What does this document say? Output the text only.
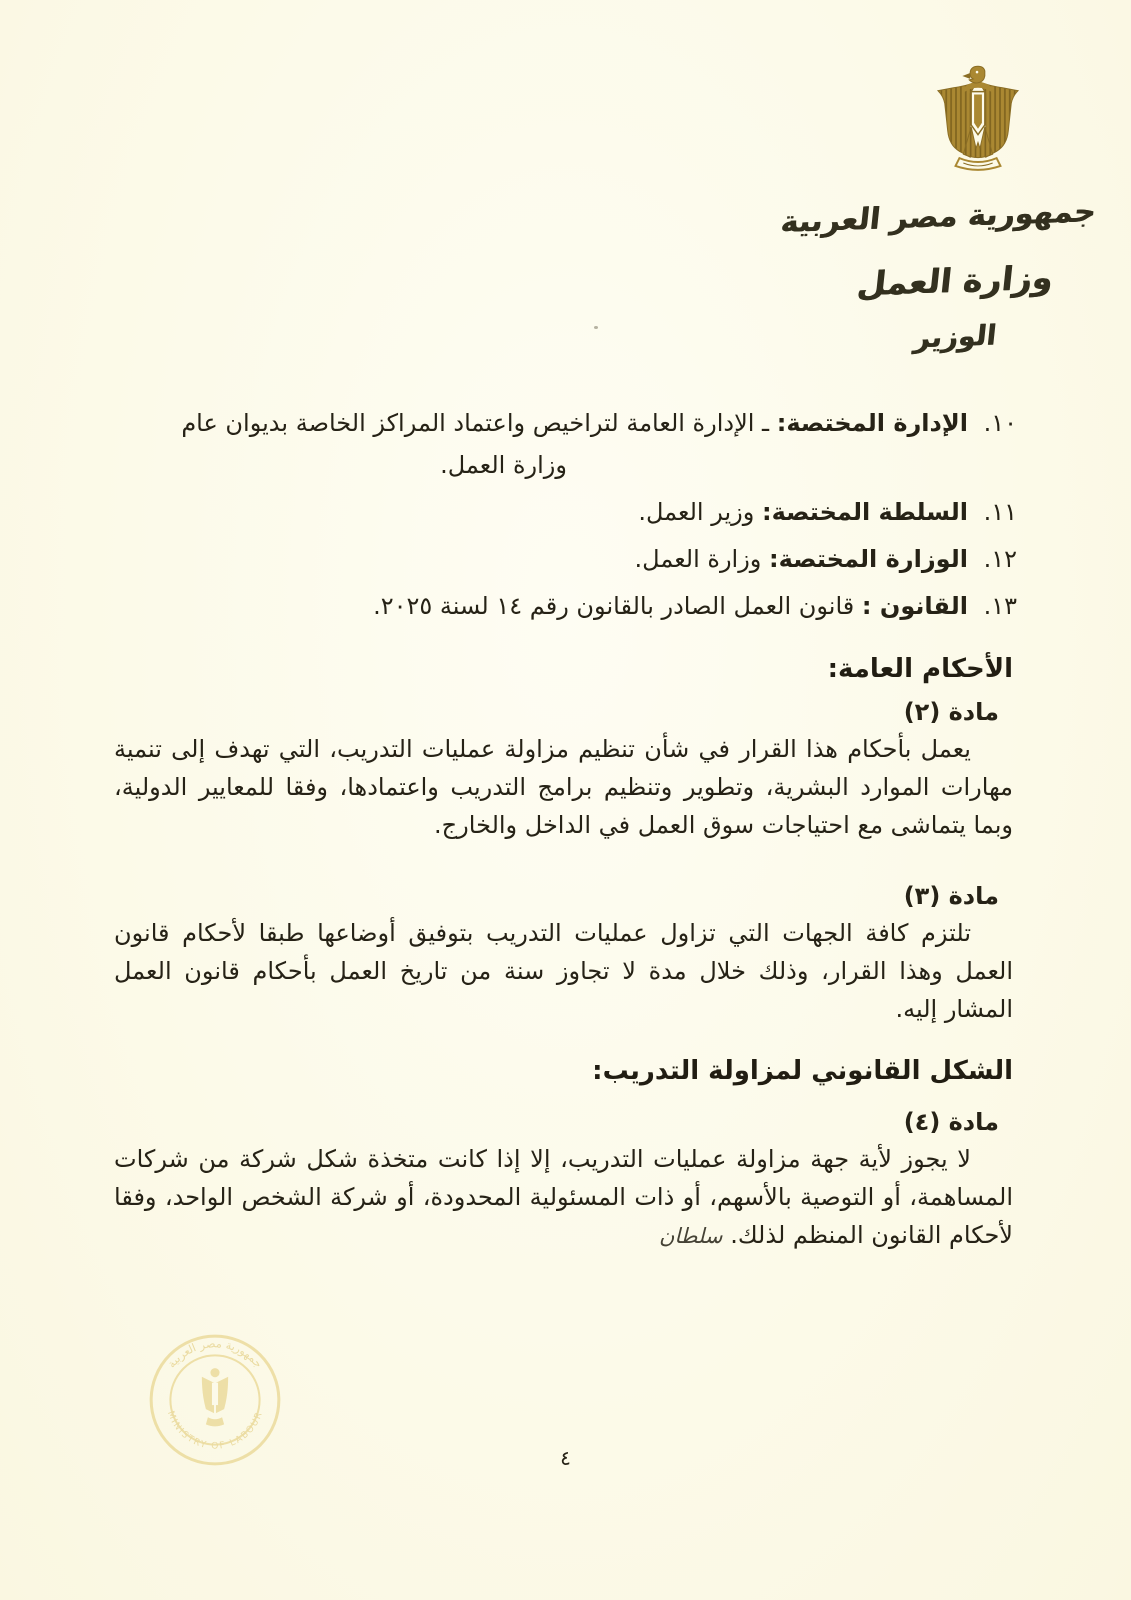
جمهورية مصر العربية
وزارة العمل
الوزير
١٠. الإدارة المختصة: ـ الإدارة العامة لتراخيص واعتماد المراكز الخاصة بديوان عام
وزارة العمل.
١١. السلطة المختصة: وزير العمل.
١٢. الوزارة المختصة: وزارة العمل.
١٣. القانون : قانون العمل الصادر بالقانون رقم ١٤ لسنة ٢٠٢٥.
الأحكام العامة:
مادة (٢)

يعمل بأحكام هذا القرار في شأن تنظيم مزاولة عمليات التدريب، التي تهدف إلى تنمية مهارات الموارد البشرية، وتطوير وتنظيم برامج التدريب واعتمادها، وفقا للمعايير الدولية، وبما يتماشى مع احتياجات سوق العمل في الداخل والخارج.

مادة (٣)

تلتزم كافة الجهات التي تزاول عمليات التدريب بتوفيق أوضاعها طبقا لأحكام قانون العمل وهذا القرار، وذلك خلال مدة لا تجاوز سنة من تاريخ العمل بأحكام قانون العمل المشار إليه.

الشكل القانوني لمزاولة التدريب:
مادة (٤)

لا يجوز لأية جهة مزاولة عمليات التدريب، إلا إذا كانت متخذة شكل شركة من شركات المساهمة، أو التوصية بالأسهم، أو ذات المسئولية المحدودة، أو شركة الشخص الواحد، وفقا لأحكام القانون المنظم لذلك. سلطان

جمهورية مصر العربية
MINISTRY OF LABOUR
٤
